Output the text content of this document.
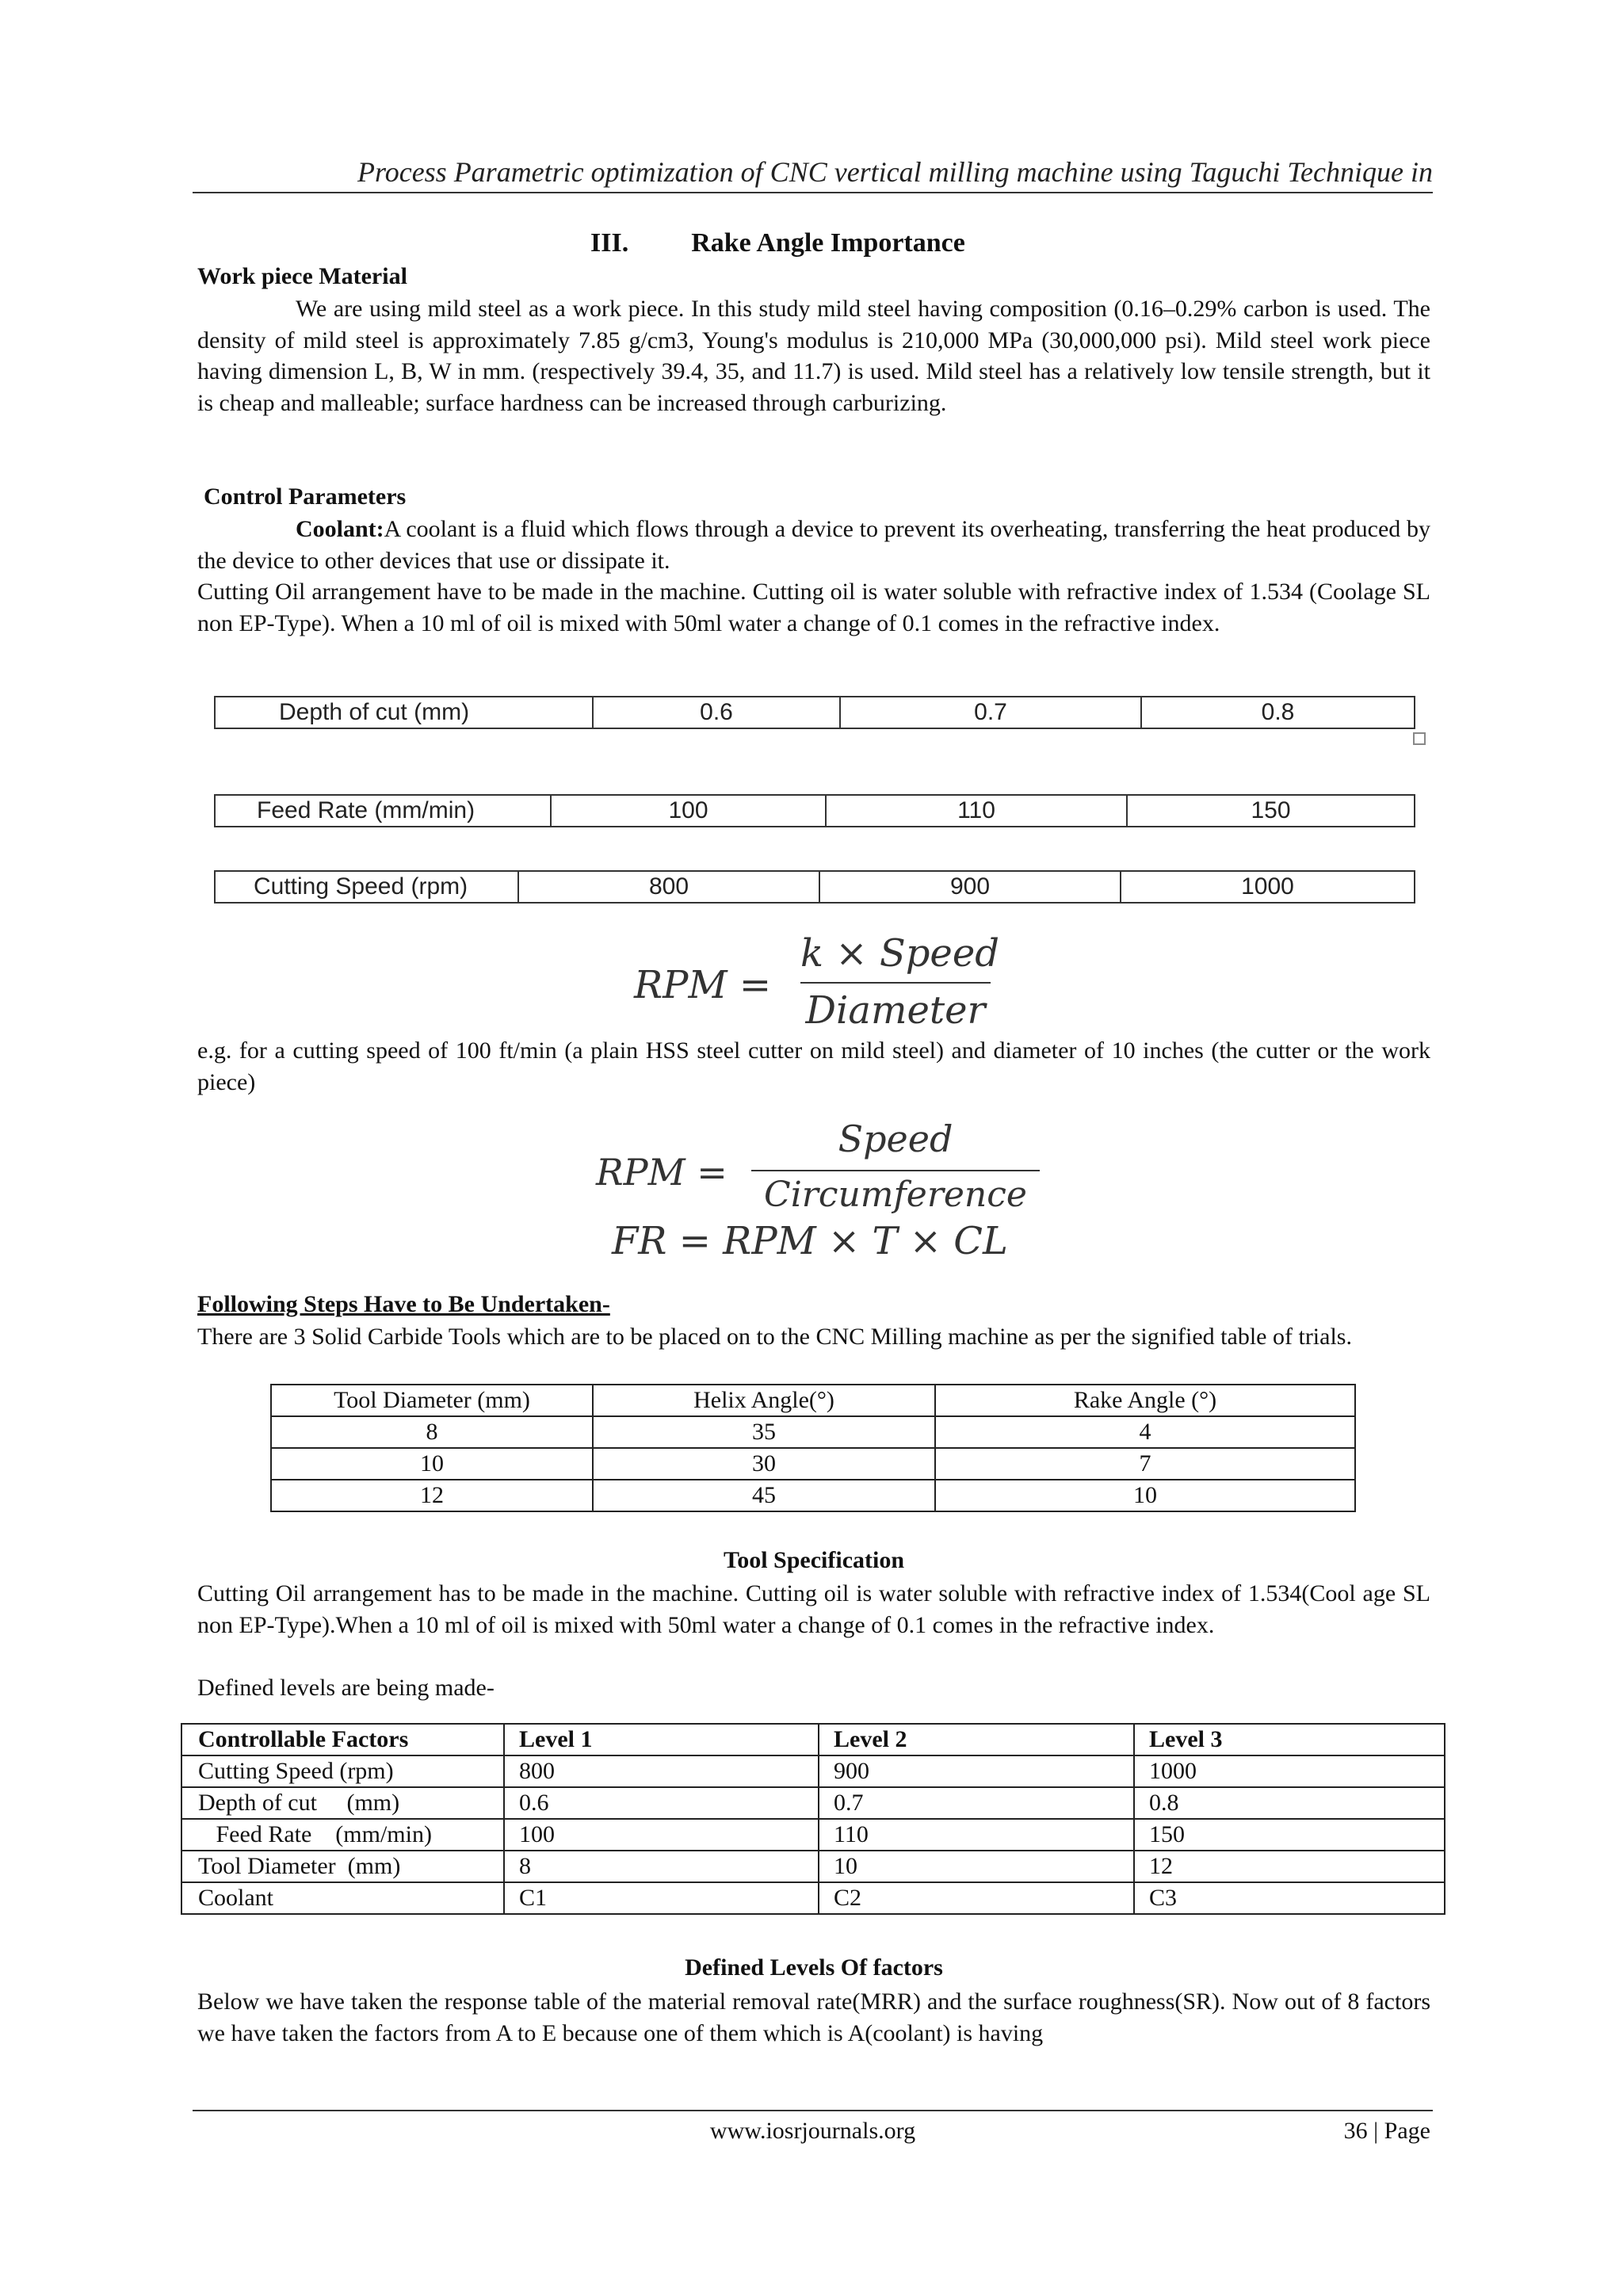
Process Parametric optimization of CNC vertical milling machine using Taguchi Technique in
III. Rake Angle Importance
Work piece Material
We are using mild steel as a work piece. In this study mild steel having composition (0.16–0.29% carbon is used. The density of mild steel is approximately 7.85 g/cm3, Young's modulus is 210,000 MPa (30,000,000 psi). Mild steel work piece having dimension L, B, W in mm. (respectively 39.4, 35, and 11.7) is used. Mild steel has a relatively low tensile strength, but it is cheap and malleable; surface hardness can be increased through carburizing.
Control Parameters
Coolant:A coolant is a fluid which flows through a device to prevent its overheating, transferring the heat produced by the device to other devices that use or dissipate it.
Cutting Oil arrangement have to be made in the machine. Cutting oil is water soluble with refractive index of 1.534 (Coolage SL non EP-Type). When a 10 ml of oil is mixed with 50ml water a change of 0.1 comes in the refractive index.
Depth of cut (mm)	0.6	0.7	0.8
Feed Rate (mm/min)	100	110	150
Cutting Speed (rpm)	800	900	1000
RPM =
k × Speed
Diameter
e.g. for a cutting speed of 100 ft/min (a plain HSS steel cutter on mild steel) and diameter of 10 inches (the cutter or the work piece)
RPM =
Speed
Circumference
FR = RPM × T × CL
Following Steps Have to Be Undertaken-
There are 3 Solid Carbide Tools which are to be placed on to the CNC Milling machine as per the signified table of trials.
Tool Diameter (mm)	Helix Angle(°)	Rake Angle (°)
8	35	4
10	30	7
12	45	10
Tool Specification
Cutting Oil arrangement has to be made in the machine. Cutting oil is water soluble with refractive index of 1.534(Cool age SL non EP-Type).When a 10 ml of oil is mixed with 50ml water a change of 0.1 comes in the refractive index.
Defined levels are being made-
Controllable Factors	Level 1	Level 2	Level 3
Cutting Speed (rpm)	800	900	1000
Depth of cut     (mm)	0.6	0.7	0.8
Feed Rate    (mm/min)	100	110	150
Tool Diameter  (mm)	8	10	12
Coolant	C1	C2	C3
Defined Levels Of factors
Below we have taken the response table of the material removal rate(MRR) and the surface roughness(SR). Now out of 8 factors we have taken the factors from A to E because one of them which is A(coolant) is having
www.iosrjournals.org	36 | Page
